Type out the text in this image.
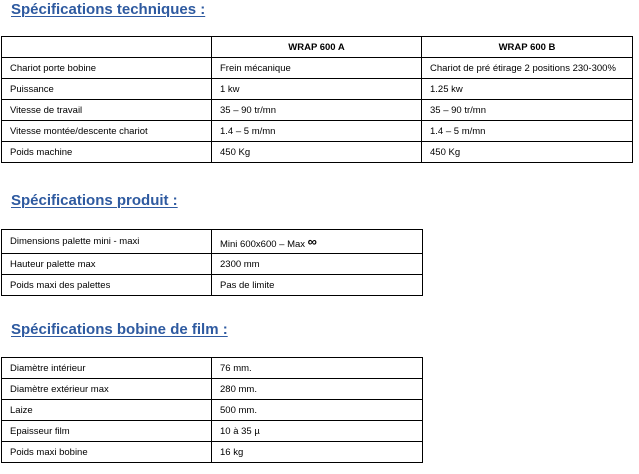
Spécifications techniques :
	WRAP 600 A	WRAP 600 B
Chariot porte bobine	Frein mécanique	Chariot de pré étirage 2 positions 230-300%
Puissance	1 kw	1.25 kw
Vitesse de travail	35 – 90 tr/mn	35 – 90 tr/mn
Vitesse montée/descente chariot	1.4 – 5 m/mn	1.4 – 5 m/mn
Poids machine	450 Kg	450 Kg
Spécifications produit :
Dimensions palette mini - maxi	Mini 600x600 – Max ∞
Hauteur palette max	2300 mm
Poids maxi des palettes	Pas de limite
Spécifications bobine de film :
Diamètre intérieur	76 mm.
Diamètre extérieur max	280 mm.
Laize	500 mm.
Epaisseur film	10 à 35 µ
Poids maxi bobine	16 kg
